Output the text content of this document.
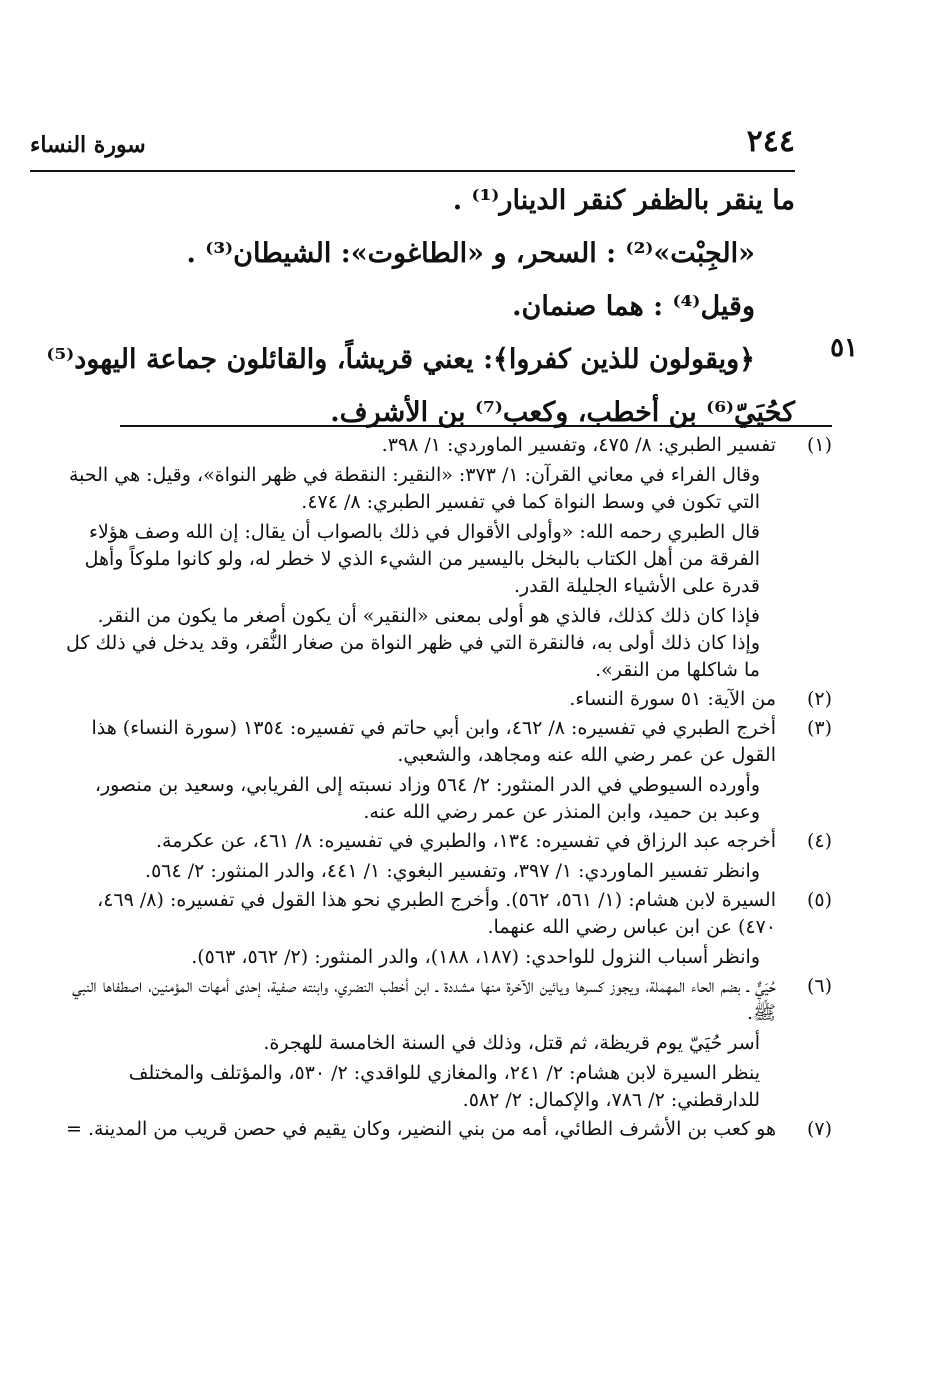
٢٤٤
سورة النساء
ما ينقر بالظفر كنقر الدينار⁽¹⁾ .
«الجِبْت»⁽²⁾ : السحر، و «الطاغوت»: الشيطان⁽³⁾ .
وقيل⁽⁴⁾ : هما صنمان.
﴿ويقولون للذين كفروا﴾: يعني قريشاً، والقائلون جماعة اليهود⁽⁵⁾
كحُيَيّ⁽⁶⁾ بن أخطب، وكعب⁽⁷⁾ بن الأشرف.
٥١
(١)

تفسير الطبري: ٨/ ٤٧٥، وتفسير الماوردي: ١/ ٣٩٨.

وقال الفراء في معاني القرآن: ١/ ٣٧٣: «النقير: النقطة في ظهر النواة»، وقيل: هي الحبة التي تكون في وسط النواة كما في تفسير الطبري: ٨/ ٤٧٤.

قال الطبري رحمه الله: «وأولى الأقوال في ذلك بالصواب أن يقال: إن الله وصف هؤلاء الفرقة من أهل الكتاب بالبخل باليسير من الشيء الذي لا خطر له، ولو كانوا ملوكاً وأهل قدرة على الأشياء الجليلة القدر.

فإذا كان ذلك كذلك، فالذي هو أولى بمعنى «النقير» أن يكون أصغر ما يكون من النقر. وإذا كان ذلك أولى به، فالنقرة التي في ظهر النواة من صغار النُّقر، وقد يدخل في ذلك كل ما شاكلها من النقر».

(٢)

من الآية: ٥١ سورة النساء.

(٣)

أخرج الطبري في تفسيره: ٨/ ٤٦٢، وابن أبي حاتم في تفسيره: ١٣٥٤ (سورة النساء) هذا القول عن عمر رضي الله عنه ومجاهد، والشعبي.

وأورده السيوطي في الدر المنثور: ٢/ ٥٦٤ وزاد نسبته إلى الفريابي، وسعيد بن منصور، وعبد بن حميد، وابن المنذر عن عمر رضي الله عنه.

(٤)

أخرجه عبد الرزاق في تفسيره: ١٣٤، والطبري في تفسيره: ٨/ ٤٦١، عن عكرمة.

وانظر تفسير الماوردي: ١/ ٣٩٧، وتفسير البغوي: ١/ ٤٤١، والدر المنثور: ٢/ ٥٦٤.

(٥)

السيرة لابن هشام: (١/ ٥٦١، ٥٦٢). وأخرج الطبري نحو هذا القول في تفسيره: (٨/ ٤٦٩، ٤٧٠) عن ابن عباس رضي الله عنهما.

وانظر أسباب النزول للواحدي: (١٨٧، ١٨٨)، والدر المنثور: (٢/ ٥٦٢، ٥٦٣).

(٦)

حُيَيٌّ ـ بضم الحاء المهملة، ويجوز كسرها ويائين الآخرة منها مشددة ـ ابن أخطب النضري، وابنته صفية، إحدى أمهات المؤمنين، اصطفاها النبي ﷺ.

أسر حُيَيّ يوم قريظة، ثم قتل، وذلك في السنة الخامسة للهجرة.

ينظر السيرة لابن هشام: ٢/ ٢٤١، والمغازي للواقدي: ٢/ ٥٣٠، والمؤتلف والمختلف للدارقطني: ٢/ ٧٨٦، والإكمال: ٢/ ٥٨٢.

(٧)

هو كعب بن الأشرف الطائي، أمه من بني النضير، وكان يقيم في حصن قريب من المدينة. =
